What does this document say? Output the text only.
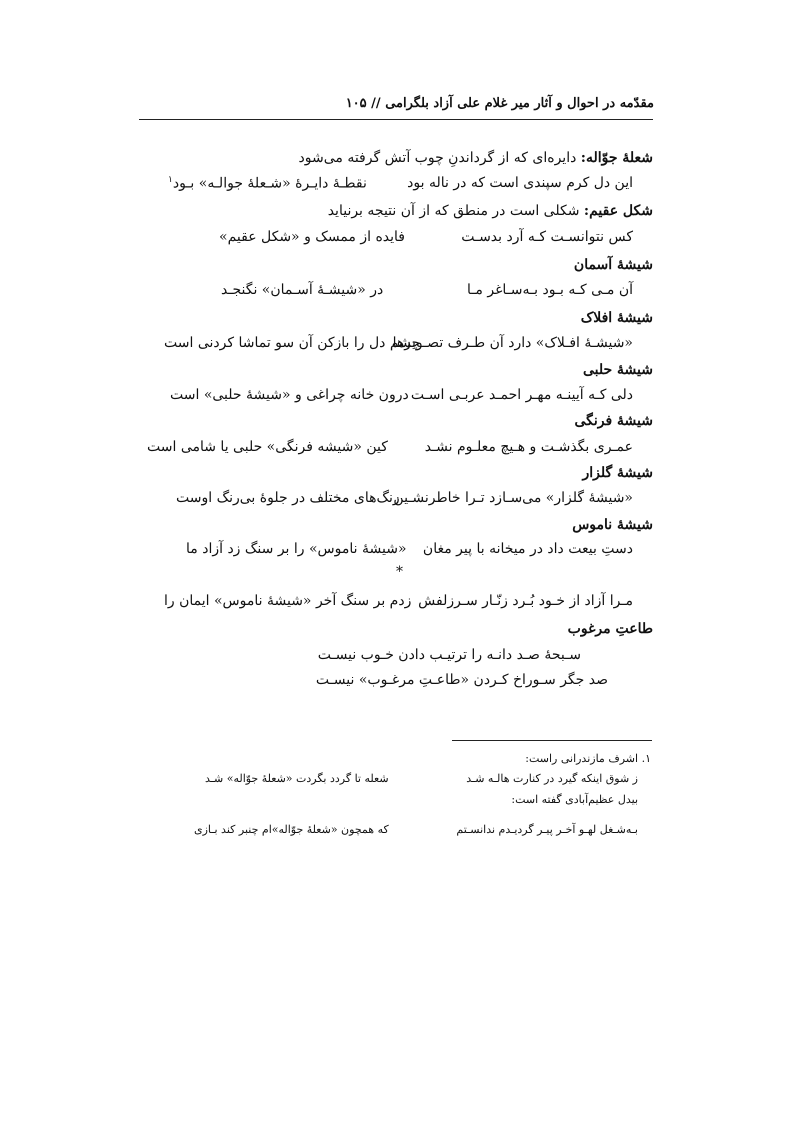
مقدّمه در احوال و آثار میر غلام علی آزاد بلگرامی // ۱۰۵
شعلۀ جوّاله: دایره‌ای که از گرداندنِ چوب آتش گرفته می‌شود
این دل کرم سپندی است که در ناله بود
نقطـۀ دایـرۀ «شـعلۀ جوالـه» بـود$^۱$
شکل عقیم: شکلی است در منطق که از آن نتیجه برنیاید
کس نتوانسـت کـه آرد بدسـت
فایده از ممسک و «شکل عقیم»
شیشۀ آسمان
آن مـی کـه بـود بـه‌سـاغر مـا
در «شیشـۀ آسـمان» نگنجـد
شیشۀ افلاک
«شیشـۀ افـلاک» دارد آن طـرف تصـویرها
چشم دل را بازکن آن سو تماشا کردنی است
شیشۀ حلبی
دلی کـه آیینـه مهـر احمـد عربـی اسـت
درون خانه چراغی و «شیشۀ حلبی» است
شیشۀ فرنگی
عمـری بگذشـت و هـیچ معلـوم نشـد
کین «شیشه فرنگی» حلبی یا شامی است
شیشۀ گلزار
«شیشۀ گلزار» می‌سـازد تـرا خاطرنشـین
رنگ‌های مختلف در جلوۀ بی‌رنگ اوست
شیشۀ ناموس
دستِ بیعت داد در میخانه با پیر مغان
«شیشۀ ناموس» را بر سنگ زد آزاد ما
*
مـرا آزاد از خـود بُـرد زنّـار سـرزلفش
زدم بر سنگ آخر «شیشۀ ناموس» ایمان را
طاعتِ مرغوب
سـبحۀ صـد دانـه را ترتیـب دادن خـوب نیسـت
صد جگر سـوراخ کـردن «طاعـتِ مرغـوب» نیسـت
۱. اشرف مازندرانی راست:
ز شوق اینکه گیرد در کنارت هالـه شـد
شعله تا گردد بگردت «شعلۀ جوّاله» شـد
بیدل عظیم‌آبادی گفته است:
بـه‌شـغل لهـو آخـر پیـر گردیـدم ندانسـتم
که همچون «شعلۀ جوّاله»ام چنبر کند بـازی
